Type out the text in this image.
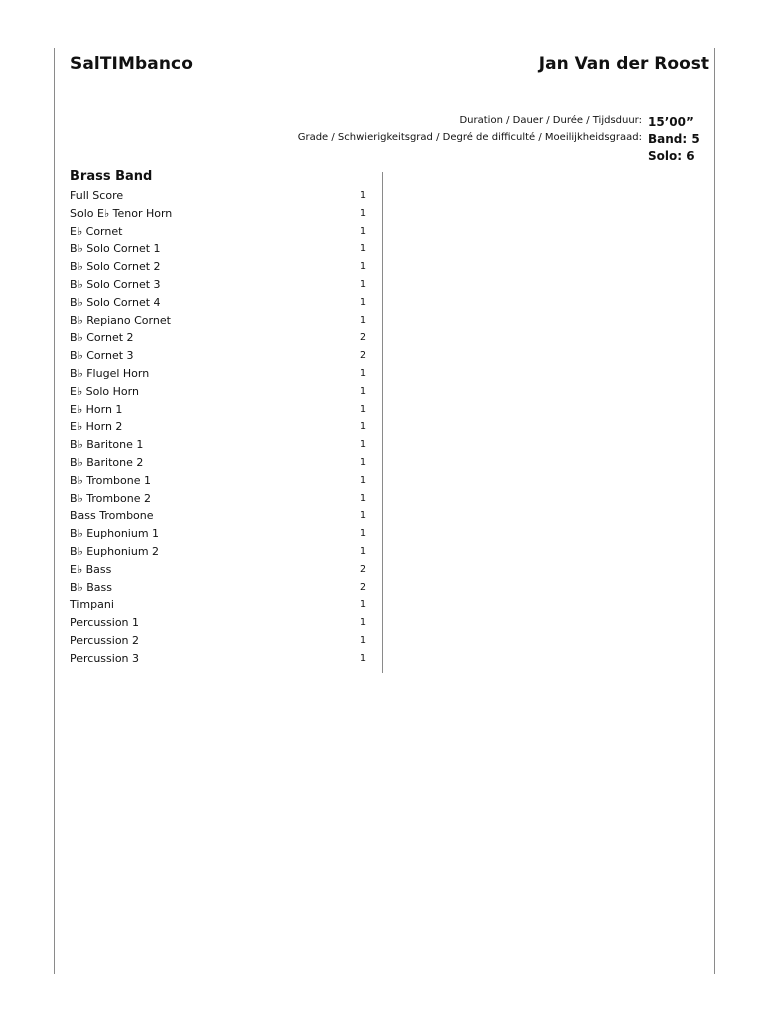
SalTIMbanco	Jan Van der Roost
Duration / Dauer / Durée / Tijdsduur: 15’00”
Grade / Schwierigkeitsgrad / Degré de difficulté / Moeilijkheidsgraad: Band: 5
Solo: 6
Brass Band
Full Score	1
Solo E♭ Tenor Horn	1
E♭ Cornet	1
B♭ Solo Cornet 1	1
B♭ Solo Cornet 2	1
B♭ Solo Cornet 3	1
B♭ Solo Cornet 4	1
B♭ Repiano Cornet	1
B♭ Cornet 2	2
B♭ Cornet 3	2
B♭ Flugel Horn	1
E♭ Solo Horn	1
E♭ Horn 1	1
E♭ Horn 2	1
B♭ Baritone 1	1
B♭ Baritone 2	1
B♭ Trombone 1	1
B♭ Trombone 2	1
Bass Trombone	1
B♭ Euphonium 1	1
B♭ Euphonium 2	1
E♭ Bass	2
B♭ Bass	2
Timpani	1
Percussion 1	1
Percussion 2	1
Percussion 3	1
